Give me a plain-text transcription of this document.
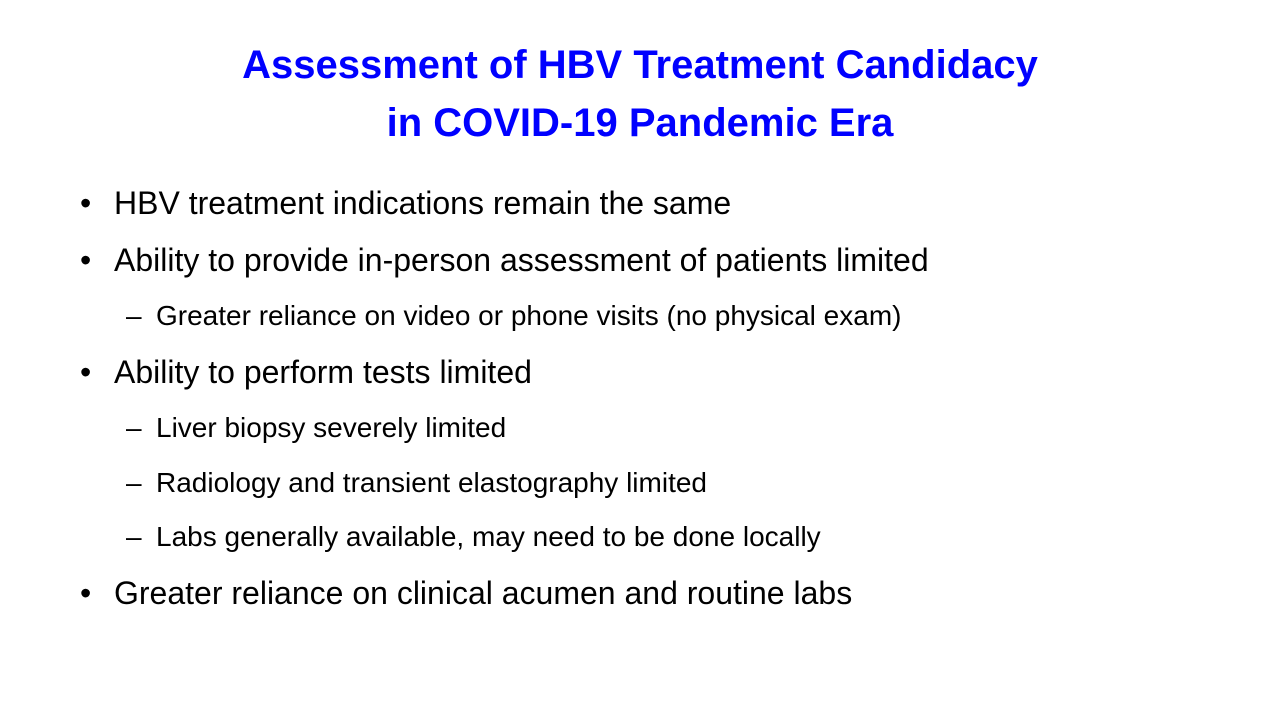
Assessment of HBV Treatment Candidacy
in COVID-19 Pandemic Era
• HBV treatment indications remain the same
• Ability to provide in-person assessment of patients limited
– Greater reliance on video or phone visits (no physical exam)
• Ability to perform tests limited
– Liver biopsy severely limited
– Radiology and transient elastography limited
– Labs generally available, may need to be done locally
• Greater reliance on clinical acumen and routine labs
